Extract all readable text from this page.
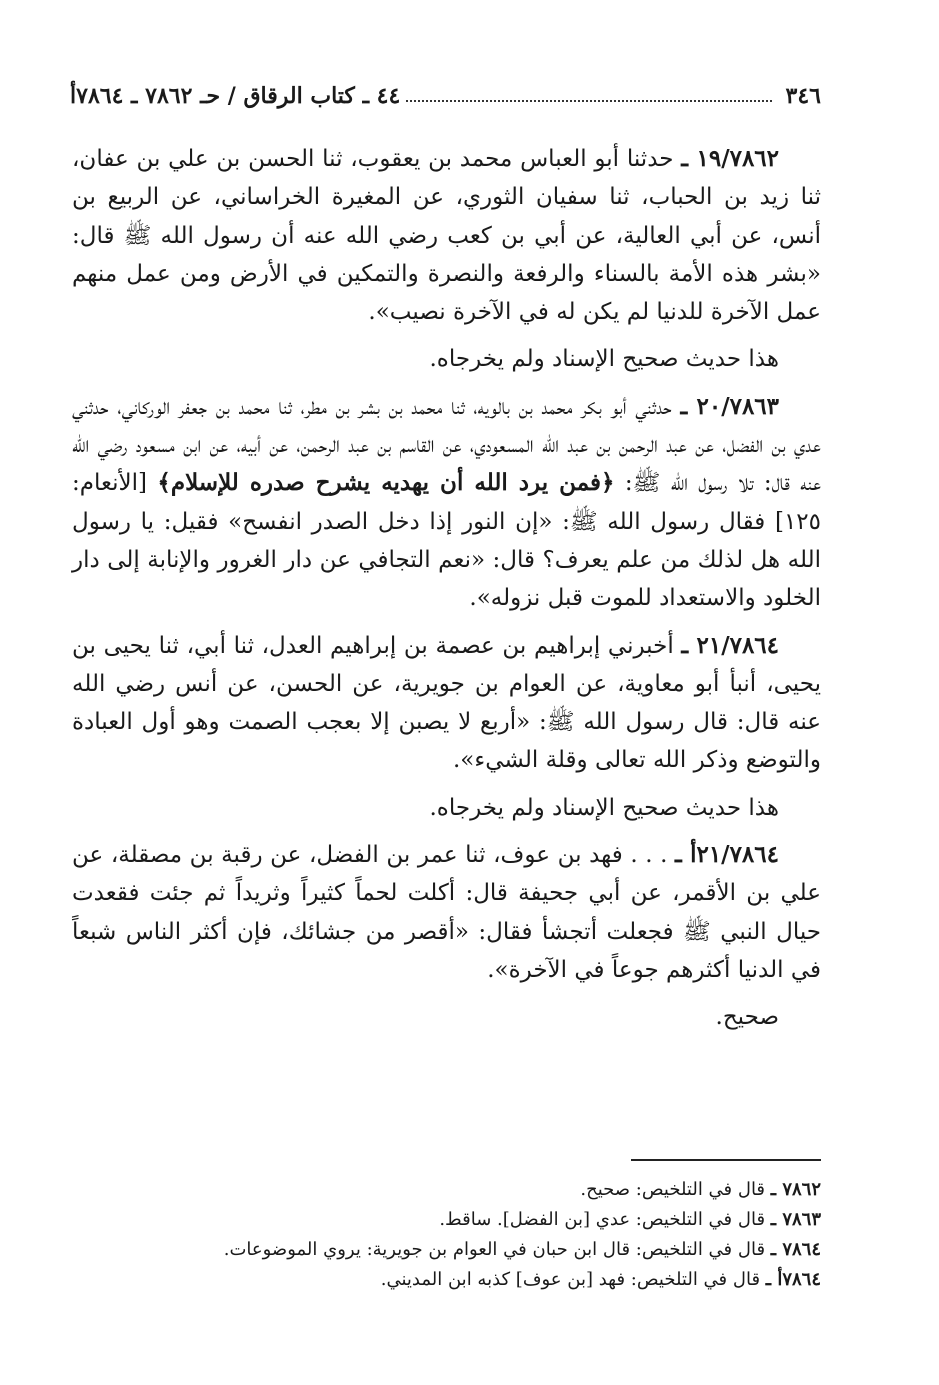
٣٤٦
٤٤ ـ كتاب الرقاق / حـ ٧٨٦٢ ـ ٧٨٦٤أ

١٩/٧٨٦٢ ـ حدثنا أبو العباس محمد بن يعقوب، ثنا الحسن بن علي بن عفان، ثنا زيد بن الحباب، ثنا سفيان الثوري، عن المغيرة الخراساني، عن الربيع بن أنس، عن أبي العالية، عن أبي بن كعب رضي الله عنه أن رسول الله ﷺ قال: «بشر هذه الأمة بالسناء والرفعة والنصرة والتمكين في الأرض ومن عمل منهم عمل الآخرة للدنيا لم يكن له في الآخرة نصيب».

هذا حديث صحيح الإسناد ولم يخرجاه.

٢٠/٧٨٦٣ ـ حدثني أبو بكر محمد بن بالويه، ثنا محمد بن بشر بن مطر، ثنا محمد بن جعفر الوركاني، حدثني عدي بن الفضل، عن عبد الرحمن بن عبد الله المسعودي، عن القاسم بن عبد الرحمن، عن أبيه، عن ابن مسعود رضي الله عنه قال: تلا رسول الله ﷺ: ﴿فمن يرد الله أن يهديه يشرح صدره للإسلام﴾ [الأنعام: ١٢٥] فقال رسول الله ﷺ: «إن النور إذا دخل الصدر انفسح» فقيل: يا رسول الله هل لذلك من علم يعرف؟ قال: «نعم التجافي عن دار الغرور والإنابة إلى دار الخلود والاستعداد للموت قبل نزوله».

٢١/٧٨٦٤ ـ أخبرني إبراهيم بن عصمة بن إبراهيم العدل، ثنا أبي، ثنا يحيى بن يحيى، أنبأ أبو معاوية، عن العوام بن جويرية، عن الحسن، عن أنس رضي الله عنه قال: قال رسول الله ﷺ: «أربع لا يصبن إلا بعجب الصمت وهو أول العبادة والتوضع وذكر الله تعالى وقلة الشيء».

هذا حديث صحيح الإسناد ولم يخرجاه.

٢١/٧٨٦٤أ ـ . . . فهد بن عوف، ثنا عمر بن الفضل، عن رقبة بن مصقلة، عن علي بن الأقمر، عن أبي جحيفة قال: أكلت لحماً كثيراً وثريداً ثم جئت فقعدت حيال النبي ﷺ فجعلت أتجشأ فقال: «أقصر من جشائك، فإن أكثر الناس شبعاً في الدنيا أكثرهم جوعاً في الآخرة».

صحيح.

٧٨٦٢ ـ قال في التلخيص: صحيح.

٧٨٦٣ ـ قال في التلخيص: عدي [بن الفضل]. ساقط.

٧٨٦٤ ـ قال في التلخيص: قال ابن حبان في العوام بن جويرية: يروي الموضوعات.

٧٨٦٤أ ـ قال في التلخيص: فهد [بن عوف] كذبه ابن المديني.
